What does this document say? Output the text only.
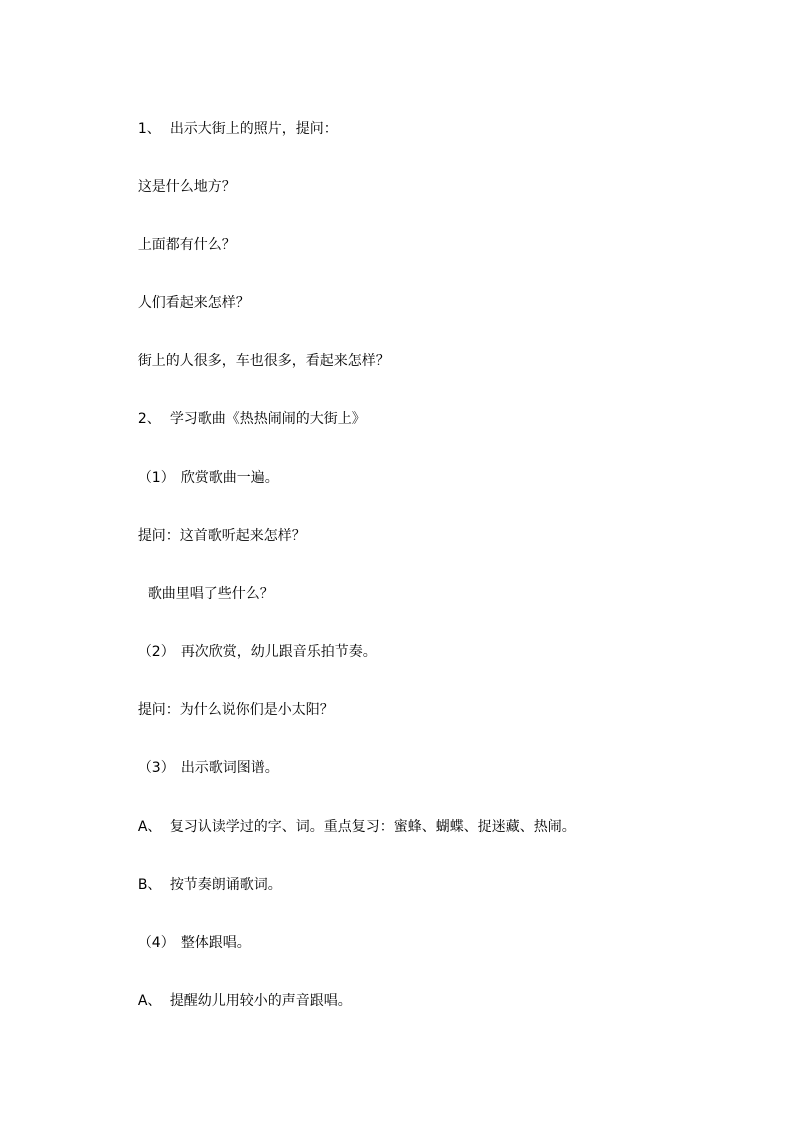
1、 出示大街上的照片，提问：

这是什么地方？

上面都有什么？

人们看起来怎样？

街上的人很多，车也很多，看起来怎样？

2、 学习歌曲《热热闹闹的大街上》

（1） 欣赏歌曲一遍。

提问：这首歌听起来怎样？

歌曲里唱了些什么？

（2） 再次欣赏，幼儿跟音乐拍节奏。

提问：为什么说你们是小太阳？

（3） 出示歌词图谱。

A、 复习认读学过的字、词。重点复习：蜜蜂、蝴蝶、捉迷藏、热闹。

B、 按节奏朗诵歌词。

（4） 整体跟唱。

A、 提醒幼儿用较小的声音跟唱。
